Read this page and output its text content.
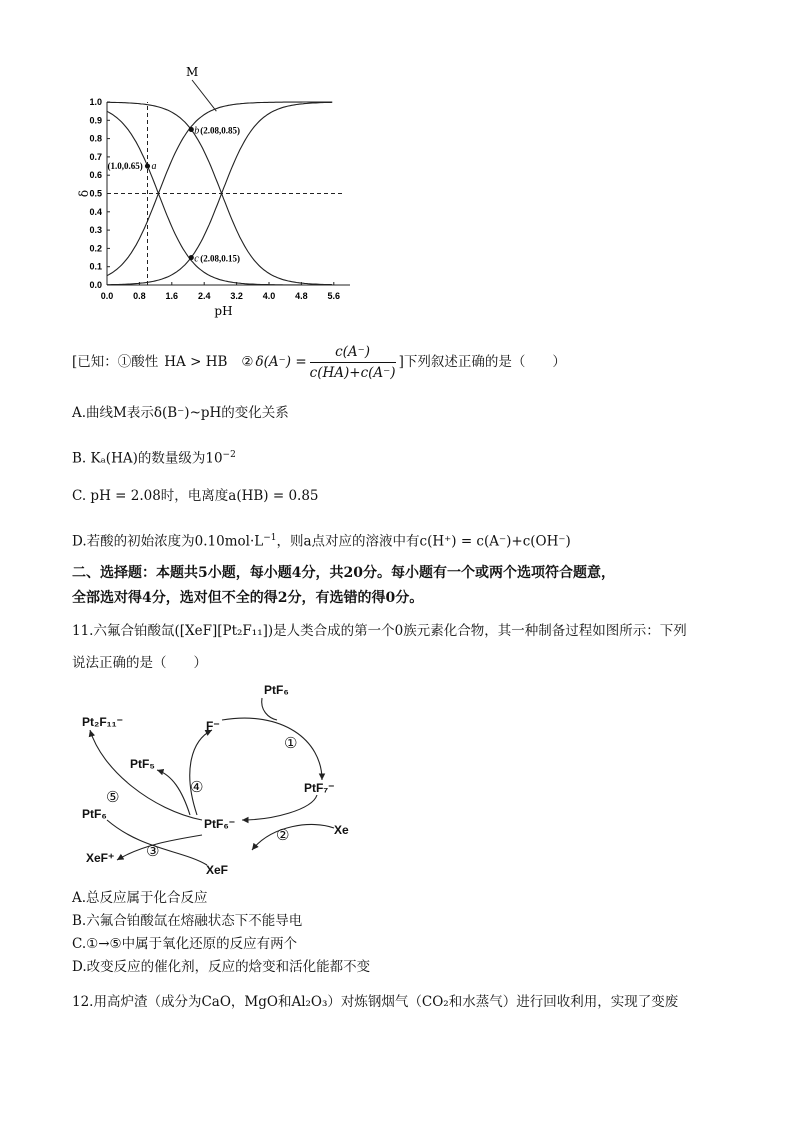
0.0 0.8 1.6 2.4 3.2 4.0 4.8 5.6
0.0
0.1
0.2
0.3
0.4
0.5
0.6
0.7
0.8
0.9
1.0
pH
δ
M
(1.0,0.65) a
b (2.08,0.85)
c (2.08,0.15)
[已知：①酸性 HA > HB ② $\delta(A^-) = \frac{c(A^-)}{c(HA)+c(A^-)}$ ]下列叙述正确的是（　　）
A.曲线M表示δ(B⁻)~pH的变化关系
B. Kₐ(HA)的数量级为$10^{-2}$
C. pH = 2.08时，电离度a(HB) = 0.85
D.若酸的初始浓度为$0.10mol\cdot L^{-1}$，则a点对应的溶液中有c(H⁺) = c(A⁻)+c(OH⁻)
二、选择题：本题共5小题，每小题4分，共20分。每小题有一个或两个选项符合题意，
全部选对得4分，选对但不全的得2分，有选错的得0分。
11.六氟合铂酸氙([XeF][Pt₂F₁₁])是人类合成的第一个0族元素化合物，其一种制备过程如图所示：下列
说法正确的是（　　）
PtF₆
F⁻
Pt₂F₁₁⁻
PtF₅
PtF₇⁻
PtF₆
PtF₆⁻	Xe
XeF⁺
XeF
①
②
③
④
⑤
A.总反应属于化合反应
B.六氟合铂酸氙在熔融状态下不能导电
C.①→⑤中属于氧化还原的反应有两个
D.改变反应的催化剂，反应的焓变和活化能都不变
12.用高炉渣（成分为CaO，MgO和Al₂O₃）对炼钢烟气（CO₂和水蒸气）进行回收利用，实现了变废
